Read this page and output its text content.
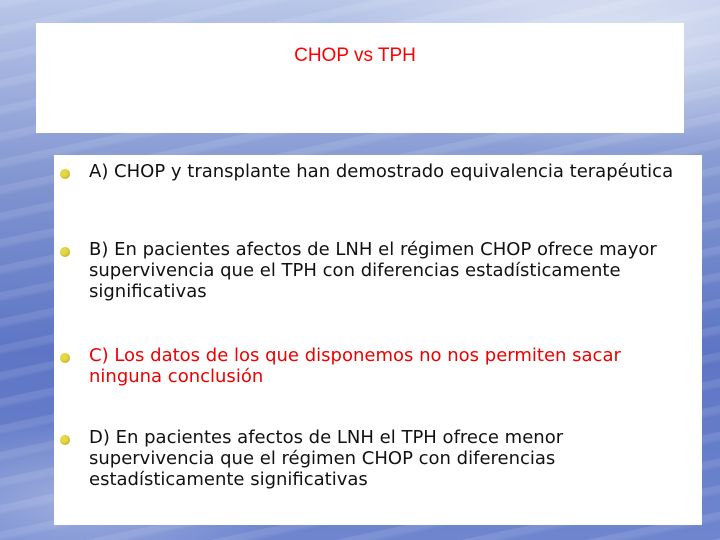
CHOP vs TPH

A) CHOP y transplante han demostrado equivalencia terapéutica

B) En pacientes afectos de LNH el régimen CHOP ofrece mayor supervivencia que el TPH con diferencias estadísticamente significativas

C) Los datos de los que disponemos no nos permiten sacar ninguna conclusión

D) En pacientes afectos de LNH el TPH ofrece menor supervivencia que el régimen CHOP con diferencias estadísticamente significativas
